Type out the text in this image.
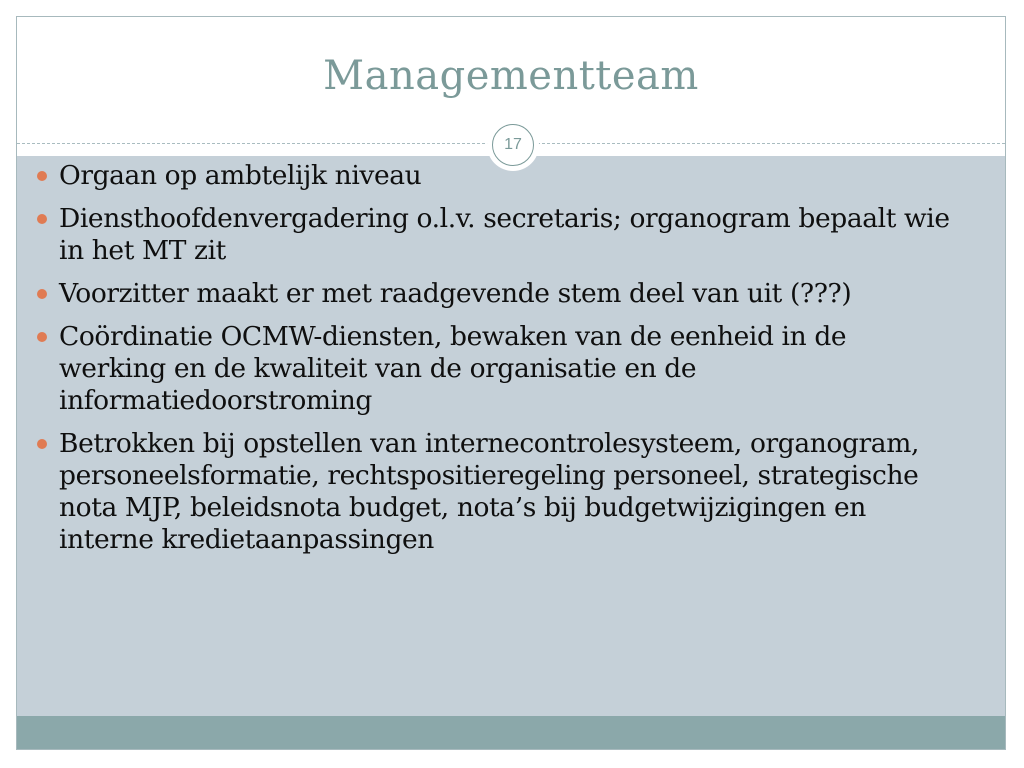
Managementteam
17
Orgaan op ambtelijk niveau
Diensthoofdenvergadering o.l.v. secretaris; organogram bepaalt wie in het MT zit
Voorzitter maakt er met raadgevende stem deel van uit (???)
Coördinatie OCMW-diensten, bewaken van de eenheid in de werking en de kwaliteit van de organisatie en de informatiedoorstroming
Betrokken bij opstellen van internecontrolesysteem, organogram, personeelsformatie, rechtspositieregeling personeel, strategische nota MJP, beleidsnota budget, nota’s bij budgetwijzigingen en interne kredietaanpassingen
